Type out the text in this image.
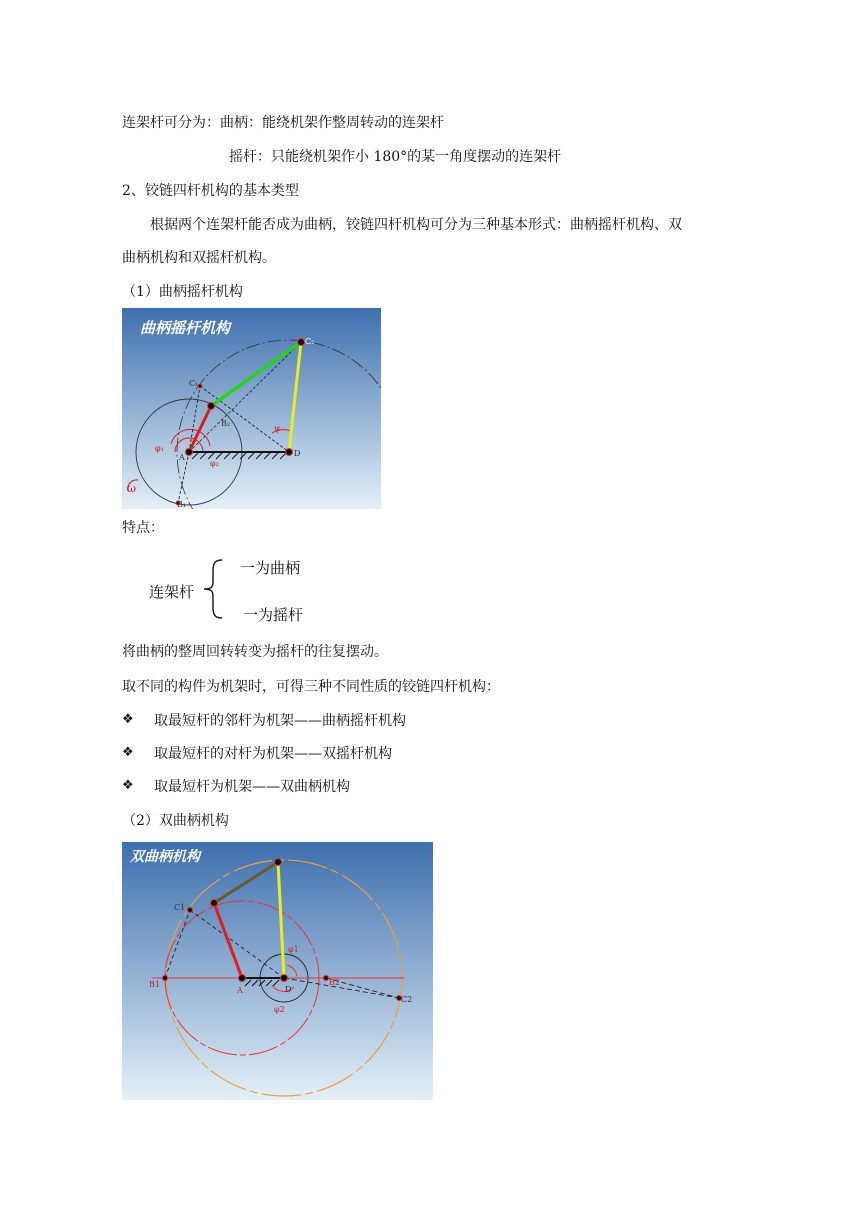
连架杆可分为：曲柄：能绕机架作整周转动的连架杆
摇杆：只能绕机架作小 180°的某一角度摆动的连架杆
2、铰链四杆机构的基本类型
根据两个连架杆能否成为曲柄，铰链四杆机构可分为三种基本形式：曲柄摇杆机构、双
曲柄机构和双摇杆机构。
（1）曲柄摇杆机构
曲柄摇杆机构
C₂
C₁
B₂
A	D
B₁
φ₁
φ₂
ψ
ω
特点：
连架杆
一为曲柄
一为摇杆
将曲柄的整周回转转变为摇杆的往复摆动。
取不同的构件为机架时，可得三种不同性质的铰链四杆机构：
❖ 取最短杆的邻杆为机架——曲柄摇杆机构
❖ 取最短杆的对杆为机架——双摇杆机构
❖ 取最短杆为机架——双曲柄机构
（2）双曲柄机构
双曲柄机构
C1
B1
A	D
φ1
φ2
B2
C2
